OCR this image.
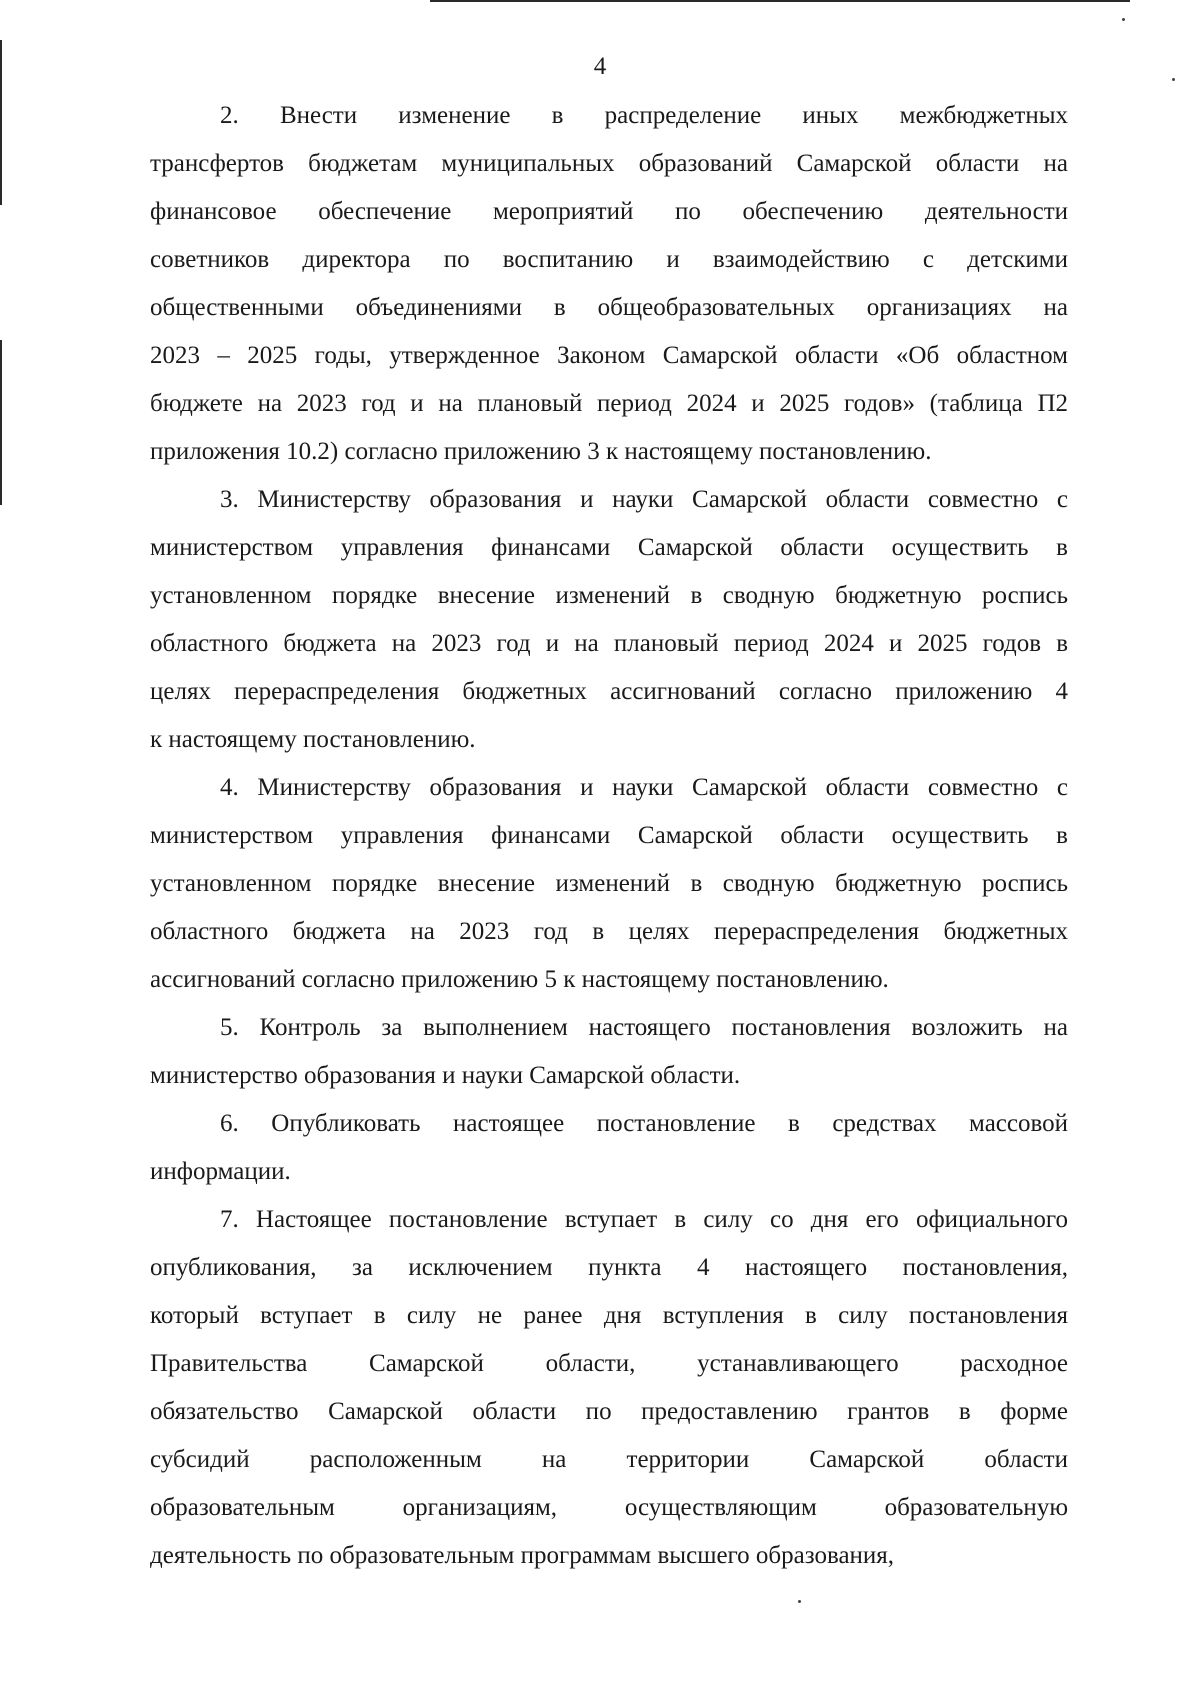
4
2. Внести изменение в распределение иных межбюджетных
трансфертов бюджетам муниципальных образований Самарской области на
финансовое обеспечение мероприятий по обеспечению деятельности
советников директора по воспитанию и взаимодействию с детскими
общественными объединениями в общеобразовательных организациях на
2023 – 2025 годы, утвержденное Законом Самарской области «Об областном
бюджете на 2023 год и на плановый период 2024 и 2025 годов» (таблица П2
приложения 10.2) согласно приложению 3 к настоящему постановлению.
3. Министерству образования и науки Самарской области совместно с
министерством управления финансами Самарской области осуществить в
установленном порядке внесение изменений в сводную бюджетную роспись
областного бюджета на 2023 год и на плановый период 2024 и 2025 годов в
целях перераспределения бюджетных ассигнований согласно приложению 4
к настоящему постановлению.
4. Министерству образования и науки Самарской области совместно с
министерством управления финансами Самарской области осуществить в
установленном порядке внесение изменений в сводную бюджетную роспись
областного бюджета на 2023 год в целях перераспределения бюджетных
ассигнований согласно приложению 5 к настоящему постановлению.
5. Контроль за выполнением настоящего постановления возложить на
министерство образования и науки Самарской области.
6. Опубликовать настоящее постановление в средствах массовой
информации.
7. Настоящее постановление вступает в силу со дня его официального
опубликования, за исключением пункта 4 настоящего постановления,
который вступает в силу не ранее дня вступления в силу постановления
Правительства Самарской области, устанавливающего расходное
обязательство Самарской области по предоставлению грантов в форме
субсидий расположенным на территории Самарской области
образовательным организациям, осуществляющим образовательную
деятельность по образовательным программам высшего образования,
